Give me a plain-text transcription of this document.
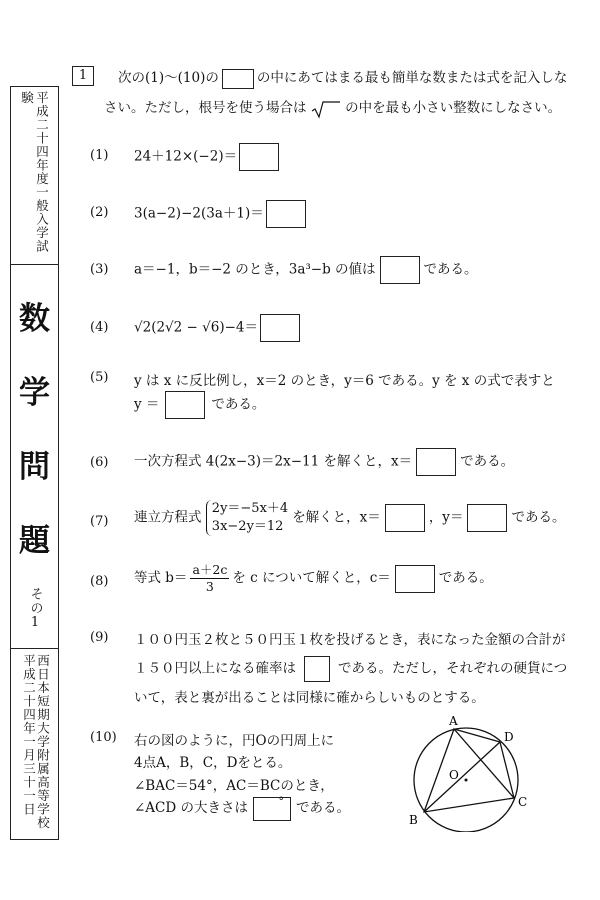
平成二十四年度一般入学試験
数
学
問
題
その1
平成二十四年一月三十一日 西日本短期大学附属高等学校
1	次の(1)～(10)の	の中にあてはまる最も簡単な数または式を記入しな
さい。ただし，根号を使う場合は	の中を最も小さい整数にしなさい。
(1) 24＋12×(−2)＝
(2) 3(a−2)−2(3a＋1)＝
(3) a＝−1，b＝−2 のとき，3a³−b の値は	である。
(4) √2(2√2 − √6)−4＝
(5) y は x に反比例し，x＝2 のとき，y＝6 である。y を x の式で表すと
y ＝	である。
(6) 一次方程式 4(2x−3)＝2x−11 を解くと，x＝	である。
(7) 連立方程式
2y＝−5x＋4
3x−2y＝12
を解くと，x＝	，y＝	である。
(8) 等式 $b= \frac{a+2c}{3}$ を c について解くと，c＝	である。
(9) １００円玉２枚と５０円玉１枚を投げるとき，表になった金額の合計が
１５０円以上になる確率は	である。ただし，それぞれの硬貨につ
いて，表と裏が出ることは同様に確からしいものとする。
(10) 右の図のように，円Oの円周上に
4点A，B，C，Dをとる。
∠BAC＝54°，AC＝BCのとき，
∠ACD の大きさは	° である。
A
B
C
D
O
